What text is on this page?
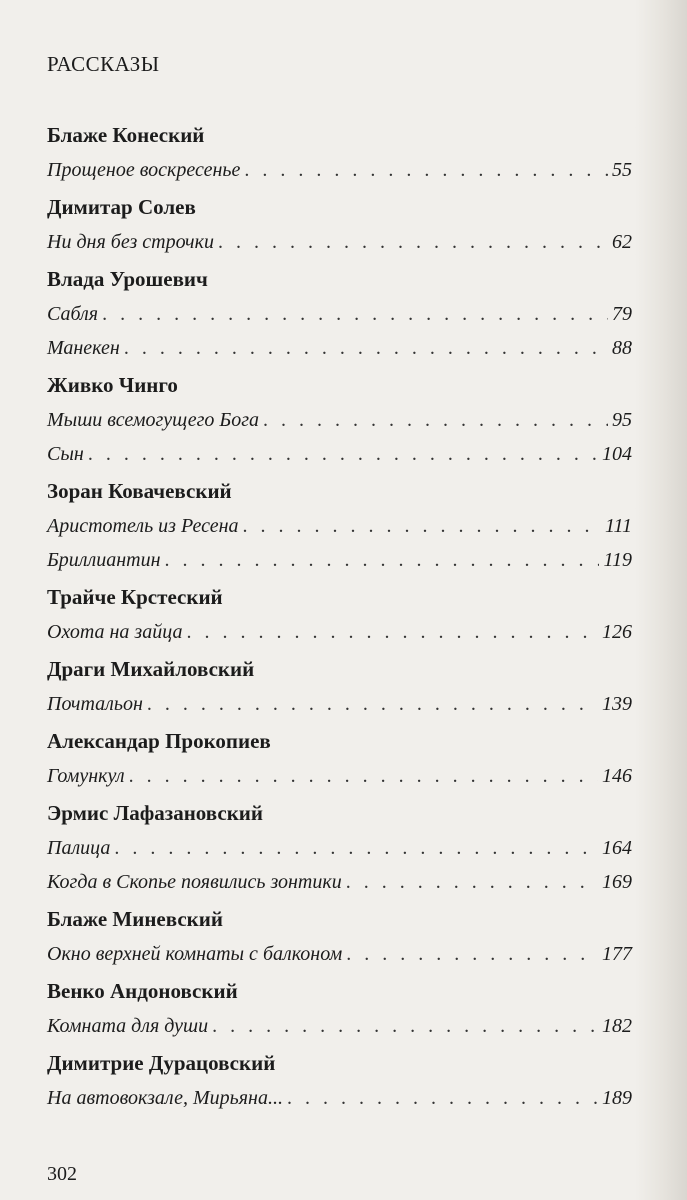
РАССКАЗЫ
Блаже Конеский
Прощеное воскресенье . . .	55
Димитар Солев
Ни дня без строчки . . .	62
Влада Урошевич
Сабля . . .	79
Манекен . . .	88
Живко Чинго
Мыши всемогущего Бога . . .	95
Сын . . .	104
Зоран Ковачевский
Аристотель из Ресена . . .	111
Бриллиантин . . .	119
Трайче Крстеский
Охота на зайца . . .	126
Драги Михайловский
Почтальон . . .	139
Александар Прокопиев
Гомункул . . .	146
Эрмис Лафазановский
Палица . . .	164
Когда в Скопье появились зонтики . . .	169
Блаже Миневский
Окно верхней комнаты с балконом . . .	177
Венко Андоновский
Комната для души . . .	182
Димитрие Дурацовский
На автовокзале, Мирьяна... . . .	189
302
